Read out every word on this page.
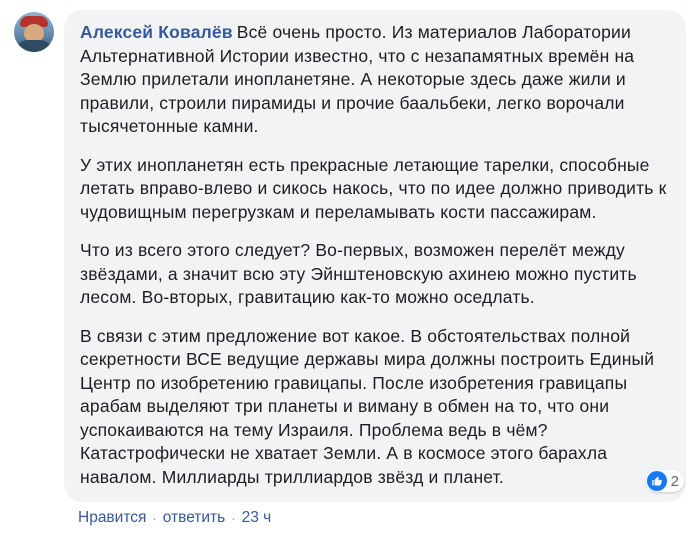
Алексей Ковалёв Всё очень просто. Из материалов Лаборатории Альтернативной Истории известно, что с незапамятных времён на Землю прилетали инопланетяне. А некоторые здесь даже жили и правили, строили пирамиды и прочие баальбеки, легко ворочали тысячетонные камни.

У этих инопланетян есть прекрасные летающие тарелки, способные летать вправо-влево и сикось накось, что по идее должно приводить к чудовищным перегрузкам и переламывать кости пассажирам.

Что из всего этого следует? Во-первых, возможен перелёт между звёздами, а значит всю эту Эйнштеновскую ахинею можно пустить лесом. Во-вторых, гравитацию как-то можно оседлать.

В связи с этим предложение вот какое. В обстоятельствах полной секретности ВСЕ ведущие державы мира должны построить Единый Центр по изобретению гравицапы. После изобретения гравицапы арабам выделяют три планеты и виману в обмен на то, что они успокаиваются на тему Израиля. Проблема ведь в чём? Катастрофически не хватает Земли. А в космосе этого барахла навалом. Миллиарды триллиардов звёзд и планет.

Нравится · ответить · 23 ч
2
